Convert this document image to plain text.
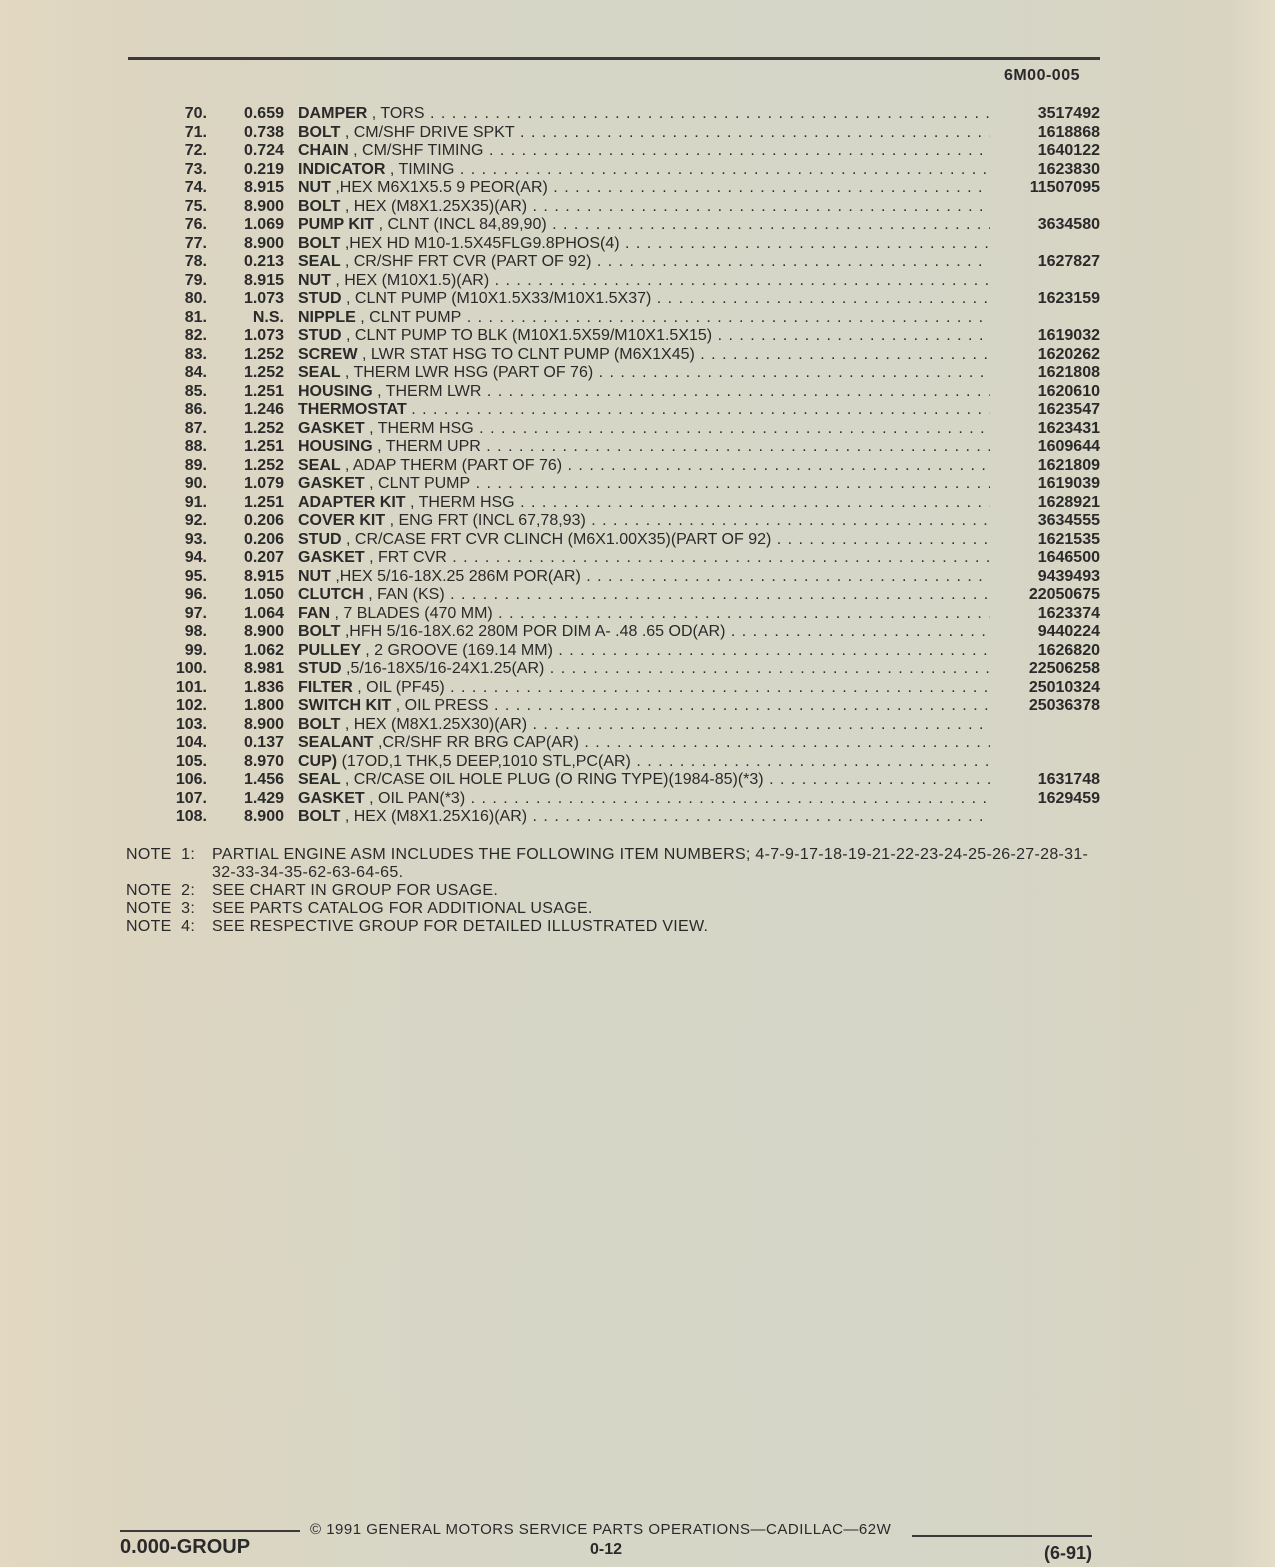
6M00-005
70.	0.659 DAMPER , TORS . . .	3517492
71.	0.738 BOLT , CM/SHF DRIVE SPKT . . .	1618868
72.	0.724 CHAIN , CM/SHF TIMING . . .	1640122
73.	0.219 INDICATOR , TIMING . . .	1623830
74.	8.915 NUT ,HEX M6X1X5.5 9 PEOR(AR) . . .	11507095
75.	8.900 BOLT , HEX (M8X1.25X35)(AR) . . .
76.	1.069 PUMP KIT , CLNT (INCL 84,89,90) . . .	3634580
77.	8.900 BOLT ,HEX HD M10-1.5X45FLG9.8PHOS(4) . . .
78.	0.213 SEAL , CR/SHF FRT CVR (PART OF 92) . . .	1627827
79.	8.915 NUT , HEX (M10X1.5)(AR) . . .
80.	1.073 STUD , CLNT PUMP (M10X1.5X33/M10X1.5X37) . . .	1623159
81.	N.S. NIPPLE , CLNT PUMP . . .
82.	1.073 STUD , CLNT PUMP TO BLK (M10X1.5X59/M10X1.5X15) . . .	1619032
83.	1.252 SCREW , LWR STAT HSG TO CLNT PUMP (M6X1X45) . . .	1620262
84.	1.252 SEAL , THERM LWR HSG (PART OF 76) . . .	1621808
85.	1.251 HOUSING , THERM LWR . . .	1620610
86.	1.246 THERMOSTAT . . .	1623547
87.	1.252 GASKET , THERM HSG . . .	1623431
88.	1.251 HOUSING , THERM UPR . . .	1609644
89.	1.252 SEAL , ADAP THERM (PART OF 76) . . .	1621809
90.	1.079 GASKET , CLNT PUMP . . .	1619039
91.	1.251 ADAPTER KIT , THERM HSG . . .	1628921
92.	0.206 COVER KIT , ENG FRT (INCL 67,78,93) . . .	3634555
93.	0.206 STUD , CR/CASE FRT CVR CLINCH (M6X1.00X35)(PART OF 92) . . .	1621535
94.	0.207 GASKET , FRT CVR . . .	1646500
95.	8.915 NUT ,HEX 5/16-18X.25 286M POR(AR) . . .	9439493
96.	1.050 CLUTCH , FAN (KS) . . .	22050675
97.	1.064 FAN , 7 BLADES (470 MM) . . .	1623374
98.	8.900 BOLT ,HFH 5/16-18X.62 280M POR DIM A- .48 .65 OD(AR) . . .	9440224
99.	1.062 PULLEY , 2 GROOVE (169.14 MM) . . .	1626820
100.	8.981 STUD ,5/16-18X5/16-24X1.25(AR) . . .	22506258
101.	1.836 FILTER , OIL (PF45) . . .	25010324
102.	1.800 SWITCH KIT , OIL PRESS . . .	25036378
103.	8.900 BOLT , HEX (M8X1.25X30)(AR) . . .
104.	0.137 SEALANT ,CR/SHF RR BRG CAP(AR) . . .
105.	8.970 CUP) (17OD,1 THK,5 DEEP,1010 STL,PC(AR) . . .
106.	1.456 SEAL , CR/CASE OIL HOLE PLUG (O RING TYPE)(1984-85)(*3) . . .	1631748
107.	1.429 GASKET , OIL PAN(*3) . . .	1629459
108.	8.900 BOLT , HEX (M8X1.25X16)(AR) . . .
NOTE  1:	PARTIAL ENGINE ASM INCLUDES THE FOLLOWING ITEM NUMBERS; 4-7-9-17-18-19-21-22-23-24-25-26-27-28-31-32-33-34-35-62-63-64-65.
NOTE  2:	SEE CHART IN GROUP FOR USAGE.
NOTE  3:	SEE PARTS CATALOG FOR ADDITIONAL USAGE.
NOTE  4:	SEE RESPECTIVE GROUP FOR DETAILED ILLUSTRATED VIEW.
0.000-GROUP
© 1991 GENERAL MOTORS SERVICE PARTS OPERATIONS—CADILLAC—62W
0-12	(6-91)
